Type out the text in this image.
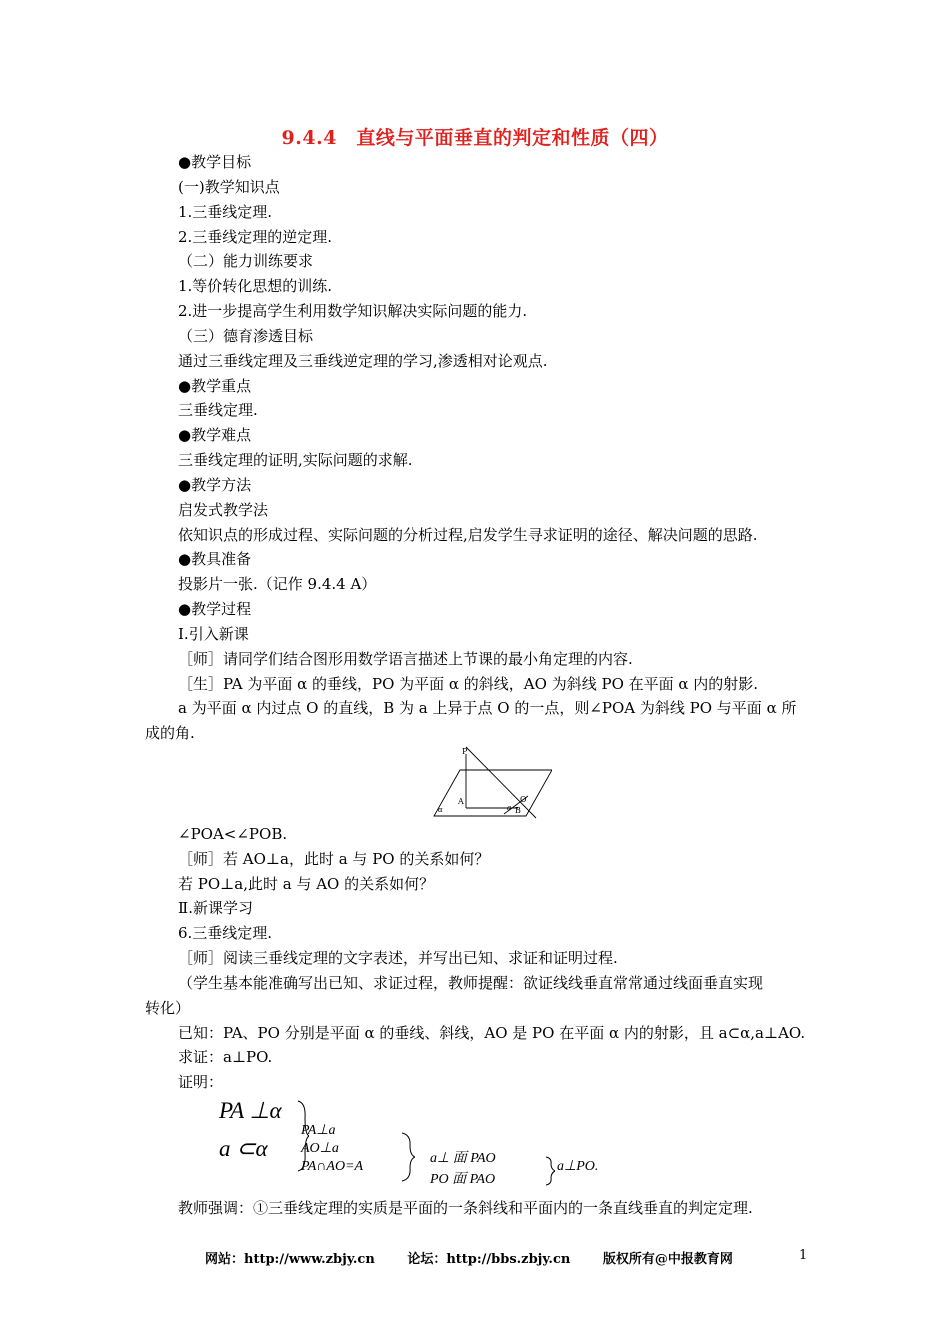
9.4.4　直线与平面垂直的判定和性质（四）
●教学目标
(一)教学知识点
1.三垂线定理.
2.三垂线定理的逆定理.
（二）能力训练要求
1.等价转化思想的训练.
2.进一步提高学生利用数学知识解决实际问题的能力.
（三）德育渗透目标
通过三垂线定理及三垂线逆定理的学习,渗透相对论观点.
●教学重点
三垂线定理.
●教学难点
三垂线定理的证明,实际问题的求解.
●教学方法
启发式教学法
依知识点的形成过程、实际问题的分析过程,启发学生寻求证明的途径、解决问题的思路.
●教具准备
投影片一张.（记作 9.4.4 A）
●教学过程
Ⅰ.引入新课
［师］请同学们结合图形用数学语言描述上节课的最小角定理的内容.
［生］PA 为平面 α 的垂线，PO 为平面 α 的斜线，AO 为斜线 PO 在平面 α 内的射影.
a 为平面 α 内过点 O 的直线，B 为 a 上异于点 O 的一点，则∠POA 为斜线 PO 与平面 α 所
成的角.
P
A	O
B
a
α
∠POA<∠POB.
［师］若 AO⊥a，此时 a 与 PO 的关系如何？
若 PO⊥a,此时 a 与 AO 的关系如何？
Ⅱ.新课学习
6.三垂线定理.
［师］阅读三垂线定理的文字表述，并写出已知、求证和证明过程.
（学生基本能准确写出已知、求证过程，教师提醒：欲证线线垂直常常通过线面垂直实现
转化）
已知：PA、PO 分别是平面 α 的垂线、斜线，AO 是 PO 在平面 α 内的射影，且 a⊂α,a⊥AO.
求证：a⊥PO.
证明：
PA ⊥α
a ⊂α
PA⊥a
AO⊥a
PA∩AO=A
a⊥ 面 PAO
PO 面 PAO
a⊥PO.
教师强调：①三垂线定理的实质是平面的一条斜线和平面内的一条直线垂直的判定定理.
网站：http://www.zbjy.cn	论坛：http://bbs.zbjy.cn	版权所有@中报教育网	1
